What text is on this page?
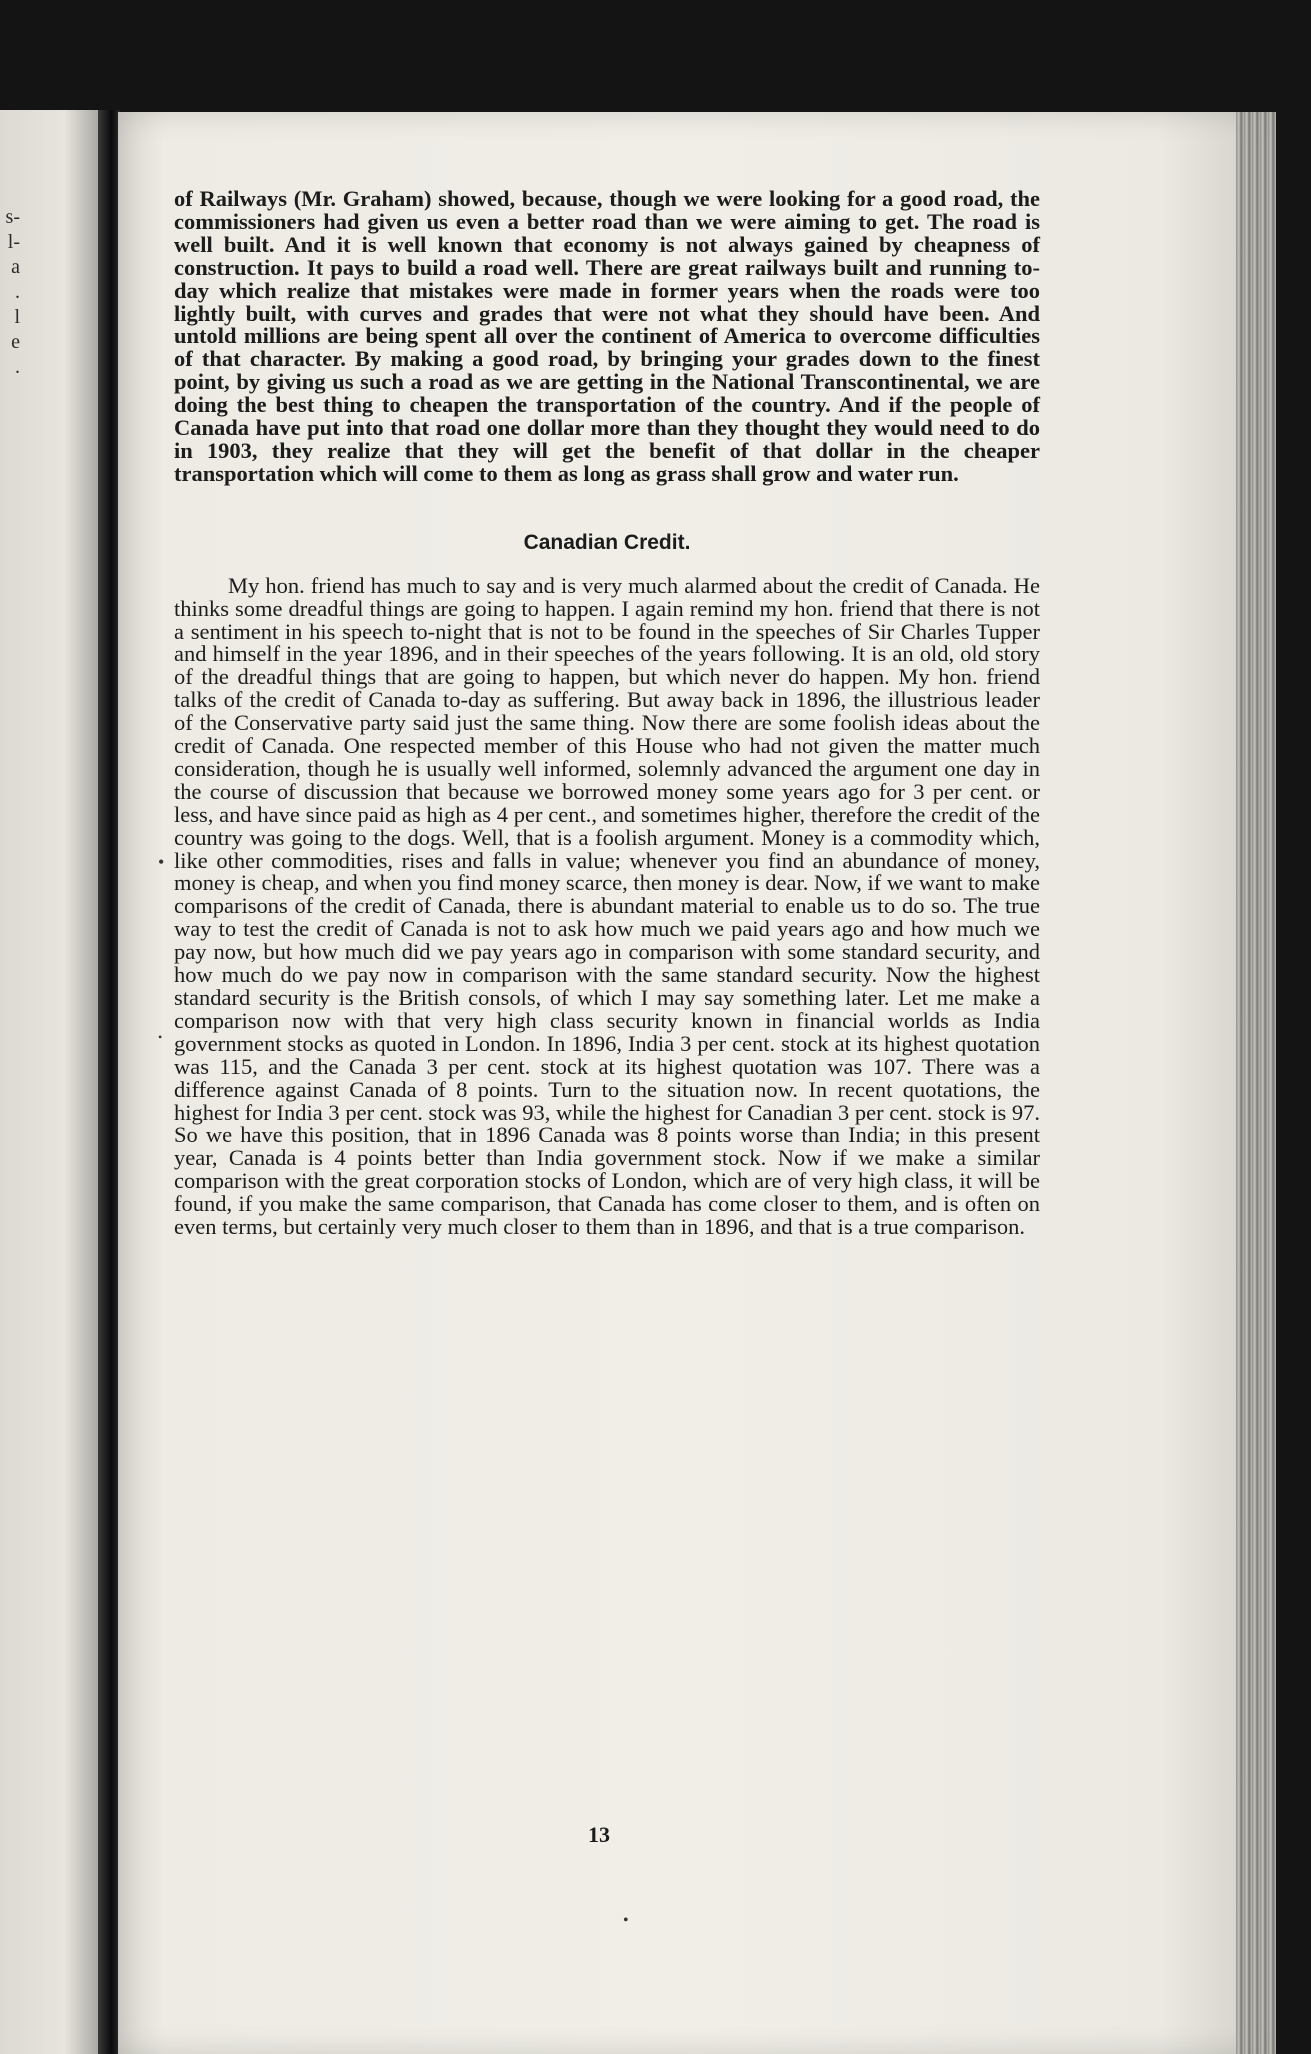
s-
l-
a
.
l
e
.

of Railways (Mr. Graham) showed, because, though we were looking for a good road, the commissioners had given us even a better road than we were aiming to get. The road is well built. And it is well known that economy is not always gained by cheapness of construction. It pays to build a road well. There are great railways built and running to-day which realize that mistakes were made in former years when the roads were too lightly built, with curves and grades that were not what they should have been. And untold millions are being spent all over the continent of America to overcome difficulties of that character. By making a good road, by bringing your grades down to the finest point, by giving us such a road as we are getting in the National Transcontinental, we are doing the best thing to cheapen the transportation of the country. And if the people of Canada have put into that road one dollar more than they thought they would need to do in 1903, they realize that they will get the benefit of that dollar in the cheaper transportation which will come to them as long as grass shall grow and water run.

Canadian Credit.

My hon. friend has much to say and is very much alarmed about the credit of Canada. He thinks some dreadful things are going to happen. I again remind my hon. friend that there is not a sentiment in his speech to-night that is not to be found in the speeches of Sir Charles Tupper and himself in the year 1896, and in their speeches of the years following. It is an old, old story of the dreadful things that are going to happen, but which never do happen. My hon. friend talks of the credit of Canada to-day as suffering. But away back in 1896, the illustrious leader of the Conservative party said just the same thing. Now there are some foolish ideas about the credit of Canada. One respected member of this House who had not given the matter much consideration, though he is usually well informed, solemnly advanced the argument one day in the course of discussion that because we borrowed money some years ago for 3 per cent. or less, and have since paid as high as 4 per cent., and sometimes higher, therefore the credit of the country was going to the dogs. Well, that is a foolish argument. Money is a commodity which, like other commodities, rises and falls in value; whenever you find an abundance of money, money is cheap, and when you find money scarce, then money is dear. Now, if we want to make comparisons of the credit of Canada, there is abundant material to enable us to do so. The true way to test the credit of Canada is not to ask how much we paid years ago and how much we pay now, but how much did we pay years ago in comparison with some standard security, and how much do we pay now in comparison with the same standard security. Now the highest standard security is the British consols, of which I may say something later. Let me make a comparison now with that very high class security known in financial worlds as India government stocks as quoted in London. In 1896, India 3 per cent. stock at its highest quotation was 115, and the Canada 3 per cent. stock at its highest quotation was 107. There was a difference against Canada of 8 points. Turn to the situation now. In recent quotations, the highest for India 3 per cent. stock was 93, while the highest for Canadian 3 per cent. stock is 97. So we have this position, that in 1896 Canada was 8 points worse than India; in this present year, Canada is 4 points better than India government stock. Now if we make a similar comparison with the great corporation stocks of London, which are of very high class, it will be found, if you make the same comparison, that Canada has come closer to them, and is often on even terms, but certainly very much closer to them than in 1896, and that is a true comparison.

13
•
•
•
